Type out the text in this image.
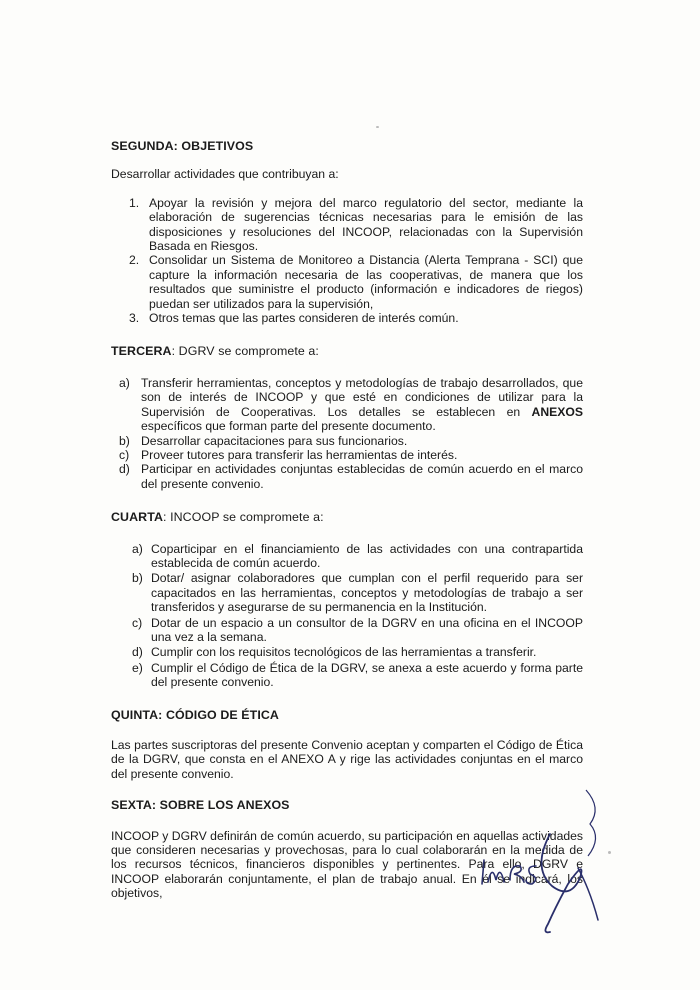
SEGUNDA: OBJETIVOS

Desarrollar actividades que contribuyan a:

1. Apoyar la revisión y mejora del marco regulatorio del sector, mediante la elaboración de sugerencias técnicas necesarias para le emisión de las disposiciones y resoluciones del INCOOP, relacionadas con la Supervisión Basada en Riesgos.
2. Consolidar un Sistema de Monitoreo a Distancia (Alerta Temprana - SCI) que capture la información necesaria de las cooperativas, de manera que los resultados que suministre el producto (información e indicadores de riegos) puedan ser utilizados para la supervisión,
3. Otros temas que las partes consideren de interés común.

TERCERA: DGRV se compromete a:

a) Transferir herramientas, conceptos y metodologías de trabajo desarrollados, que son de interés de INCOOP y que esté en condiciones de utilizar para la Supervisión de Cooperativas. Los detalles se establecen en ANEXOS específicos que forman parte del presente documento.
b) Desarrollar capacitaciones para sus funcionarios.
c) Proveer tutores para transferir las herramientas de interés.
d) Participar en actividades conjuntas establecidas de común acuerdo en el marco del presente convenio.

CUARTA: INCOOP se compromete a:

a) Coparticipar en el financiamiento de las actividades con una contrapartida establecida de común acuerdo.
b) Dotar/ asignar colaboradores que cumplan con el perfil requerido para ser capacitados en las herramientas, conceptos y metodologías de trabajo a ser transferidos y asegurarse de su permanencia en la Institución.
c) Dotar de un espacio a un consultor de la DGRV en una oficina en el INCOOP una vez a la semana.
d) Cumplir con los requisitos tecnológicos de las herramientas a transferir.
e) Cumplir el Código de Ética de la DGRV, se anexa a este acuerdo y forma parte del presente convenio.

QUINTA: CÓDIGO DE ÉTICA

Las partes suscriptoras del presente Convenio aceptan y comparten el Código de Ética de la DGRV, que consta en el ANEXO A y rige las actividades conjuntas en el marco del presente convenio.

SEXTA: SOBRE LOS ANEXOS

INCOOP y DGRV definirán de común acuerdo, su participación en aquellas actividades que consideren necesarias y provechosas, para lo cual colaborarán en la medida de los recursos técnicos, financieros disponibles y pertinentes. Para ello, DGRV e INCOOP elaborarán conjuntamente, el plan de trabajo anual. En él se indicará, los objetivos,
